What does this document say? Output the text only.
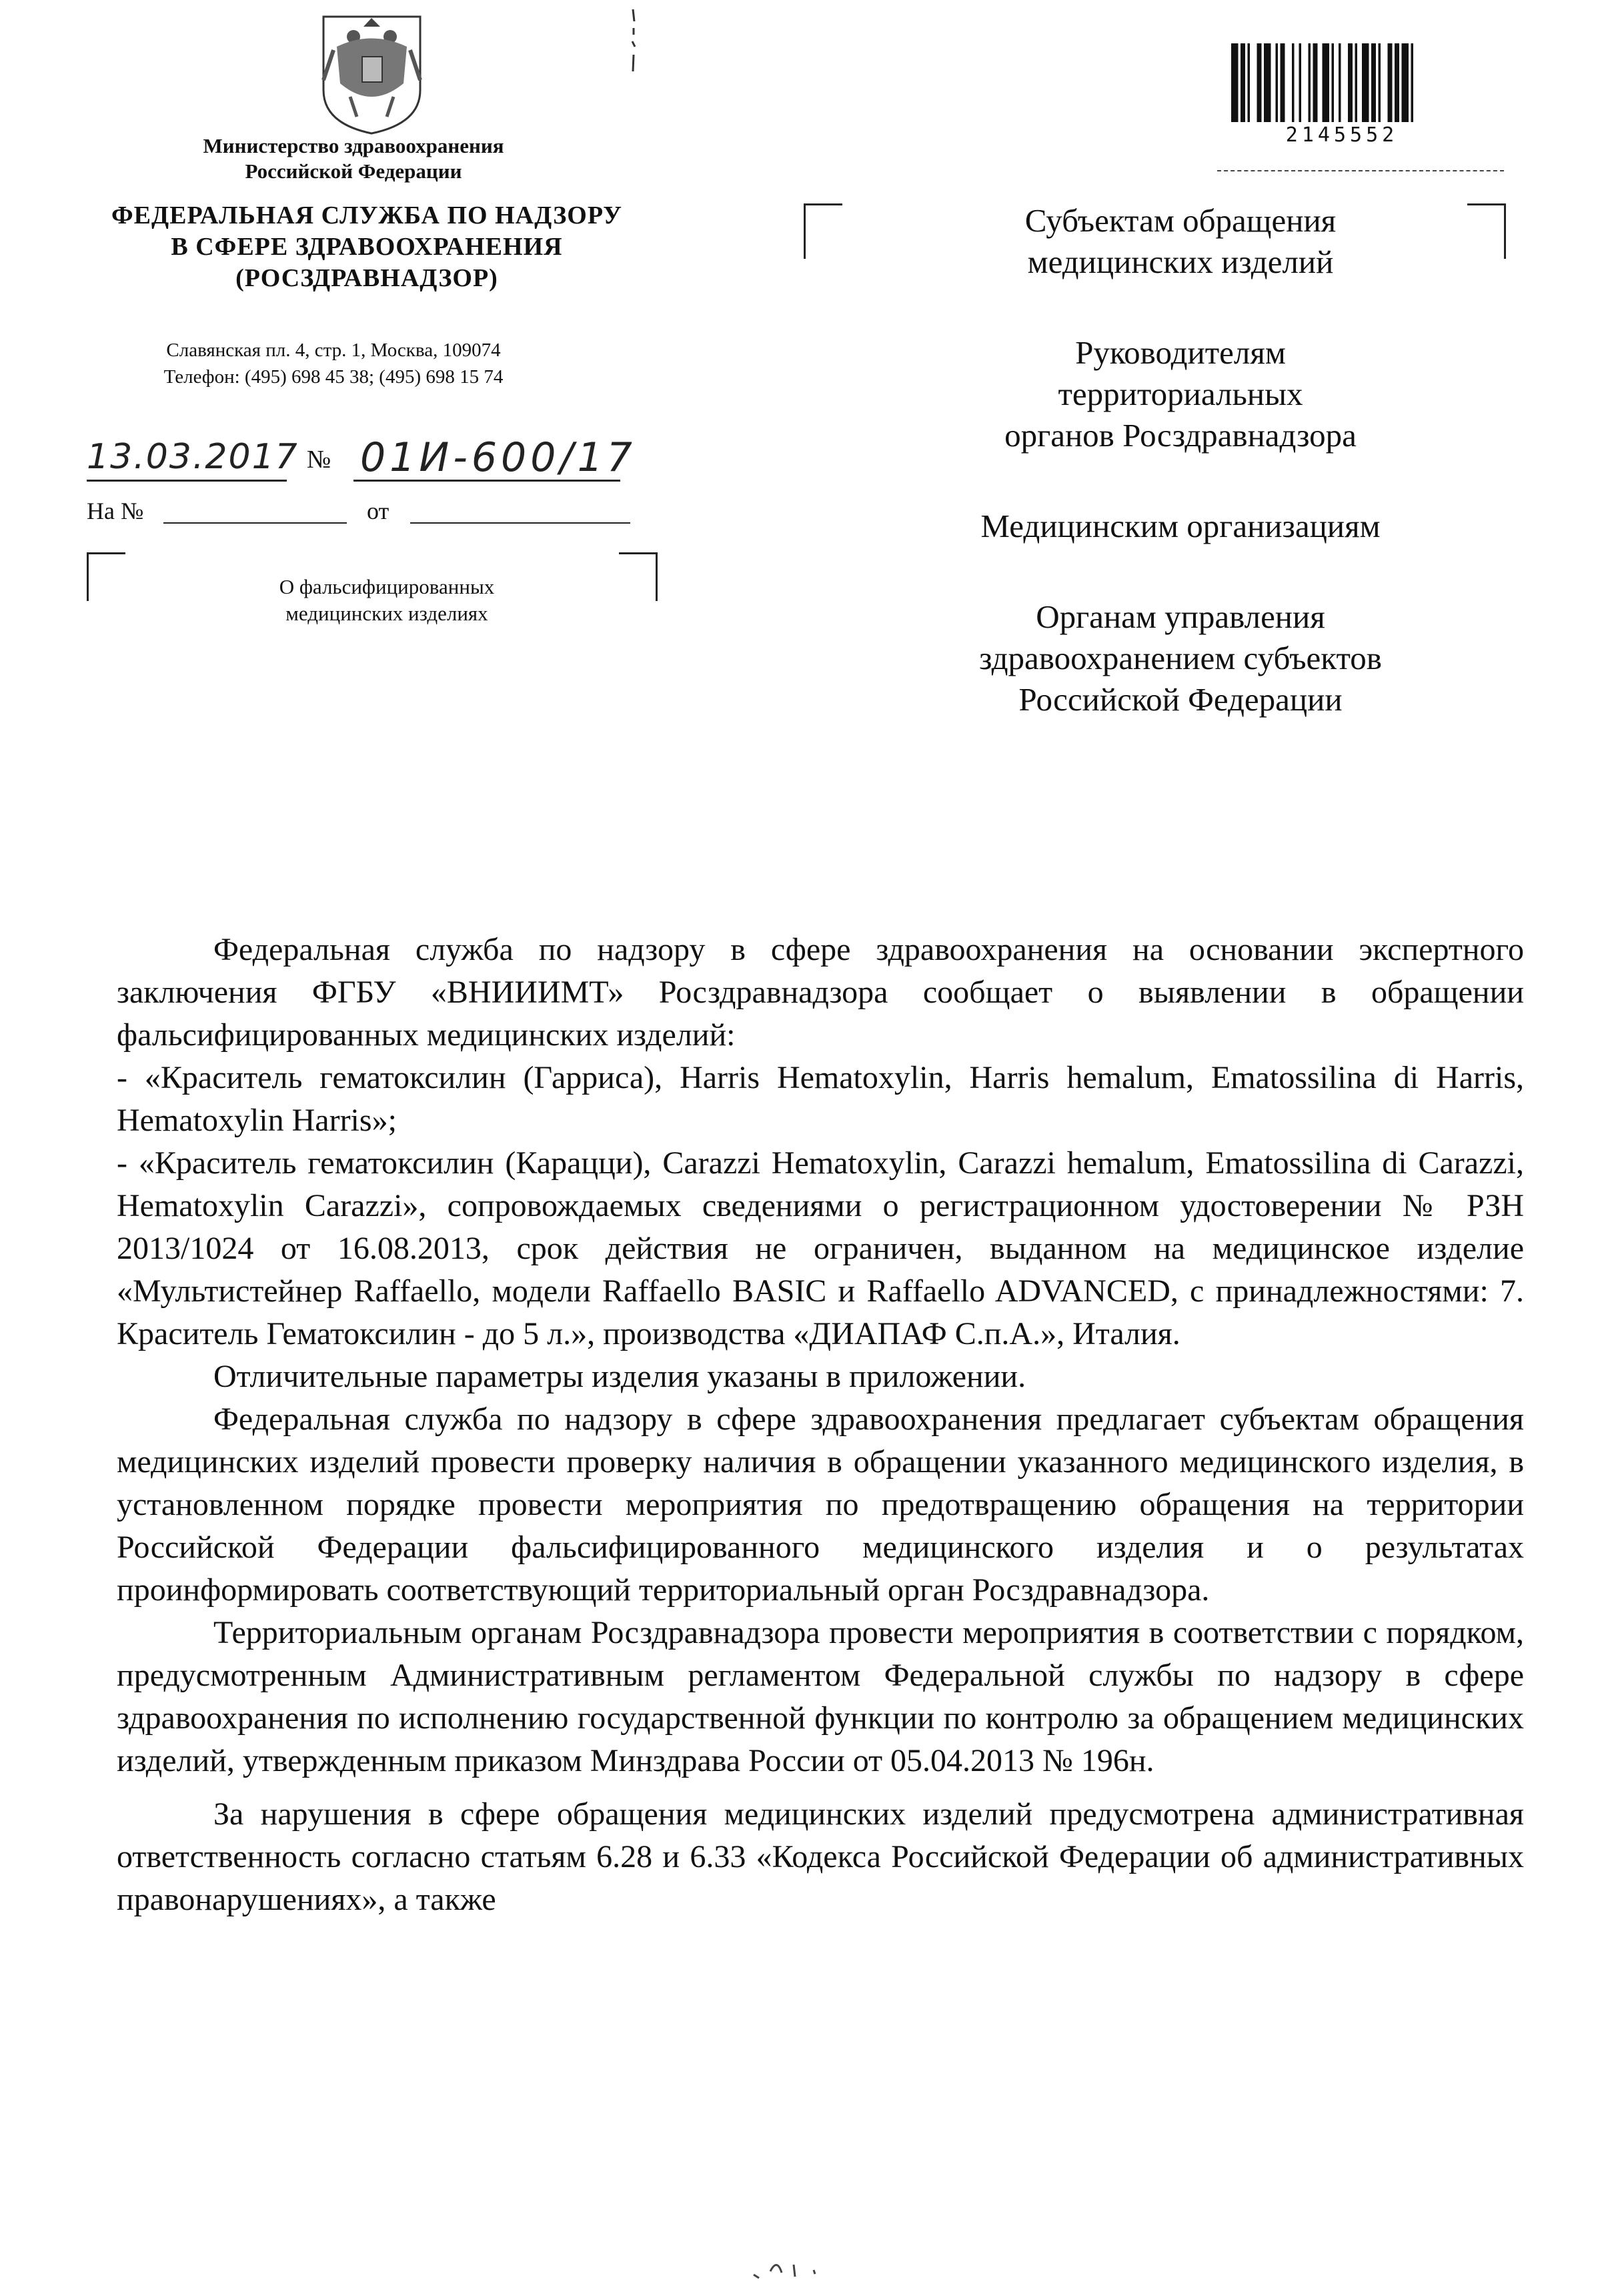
Министерство здравоохранения
Российской Федерации
ФЕДЕРАЛЬНАЯ СЛУЖБА ПО НАДЗОРУ
В СФЕРЕ ЗДРАВООХРАНЕНИЯ
(РОСЗДРАВНАДЗОР)
Славянская пл. 4, стр. 1, Москва, 109074
Телефон: (495) 698 45 38; (495) 698 15 74
13.03.2017 № 01И-600/17
На №	от
О фальсифицированных
медицинских изделиях
2145552
Субъектам обращения
медицинских изделий
Руководителям
территориальных
органов Росздравнадзора
Медицинским организациям
Органам управления
здравоохранением субъектов
Российской Федерации

Федеральная служба по надзору в сфере здравоохранения на основании экспертного заключения ФГБУ «ВНИИИМТ» Росздравнадзора сообщает о выявлении в обращении фальсифицированных медицинских изделий:

- «Краситель гематоксилин (Гарриса), Harris Hematoxylin, Harris hemalum, Ematossilina di Harris, Hematoxylin Harris»;

- «Краситель гематоксилин (Карацци), Carazzi Hematoxylin, Carazzi hemalum, Ematossilina di Carazzi, Hematoxylin Carazzi», сопровождаемых сведениями о регистрационном удостоверении № РЗН 2013/1024 от 16.08.2013, срок действия не ограничен, выданном на медицинское изделие «Мультистейнер Raffaello, модели Raffaello BASIC и Raffaello ADVANCED, с принадлежностями: 7. Краситель Гематоксилин - до 5 л.», производства «ДИАПАФ С.п.А.», Италия.

Отличительные параметры изделия указаны в приложении.

Федеральная служба по надзору в сфере здравоохранения предлагает субъектам обращения медицинских изделий провести проверку наличия в обращении указанного медицинского изделия, в установленном порядке провести мероприятия по предотвращению обращения на территории Российской Федерации фальсифицированного медицинского изделия и о результатах проинформировать соответствующий территориальный орган Росздравнадзора.

Территориальным органам Росздравнадзора провести мероприятия в соответствии с порядком, предусмотренным Административным регламентом Федеральной службы по надзору в сфере здравоохранения по исполнению государственной функции по контролю за обращением медицинских изделий, утвержденным приказом Минздрава России от 05.04.2013 № 196н.

За нарушения в сфере обращения медицинских изделий предусмотрена административная ответственность согласно статьям 6.28 и 6.33 «Кодекса Российской Федерации об административных правонарушениях», а также
